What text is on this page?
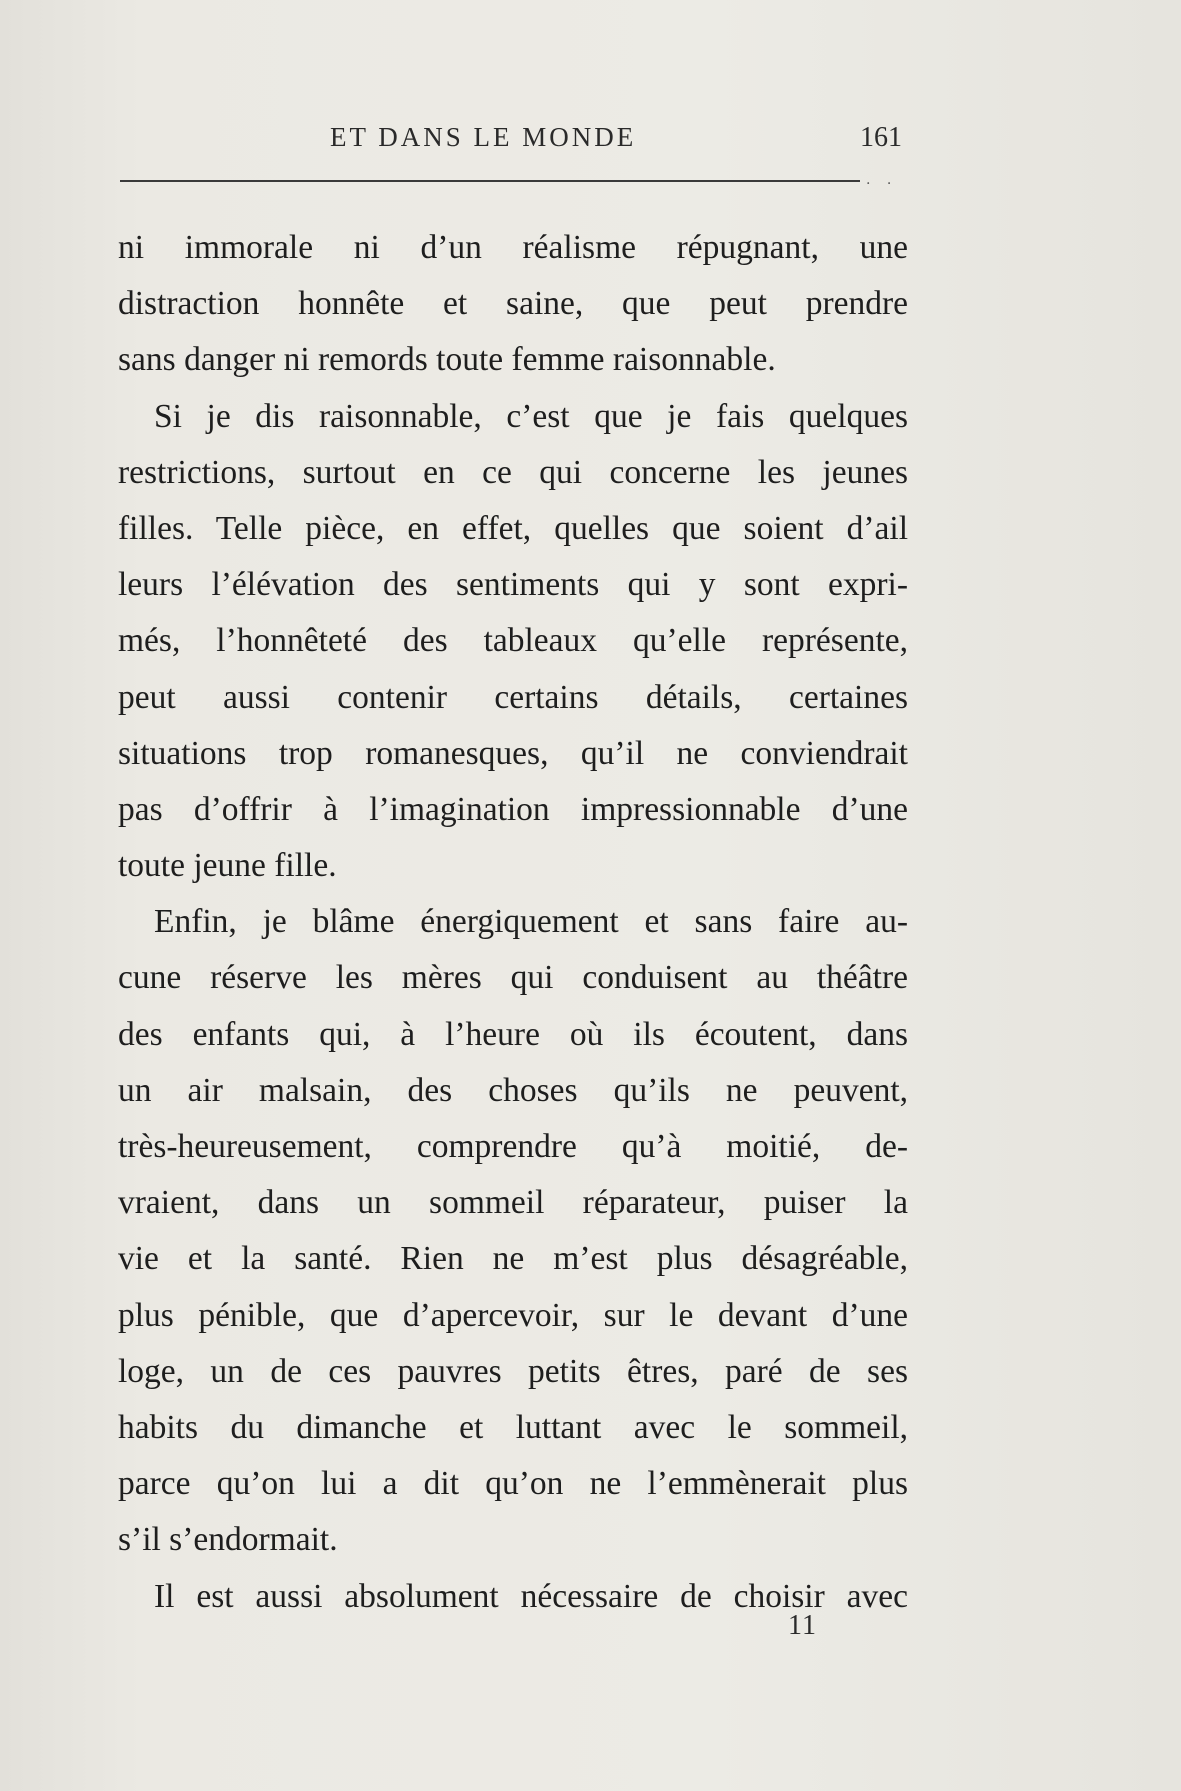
ET DANS LE MONDE	161
. .
ni immorale ni d’un réalisme répugnant, une
distraction honnête et saine, que peut prendre
sans danger ni remords toute femme raisonnable.
Si je dis raisonnable, c’est que je fais quelques
restrictions, surtout en ce qui concerne les jeunes
filles. Telle pièce, en effet, quelles que soient d’ail
leurs l’élévation des sentiments qui y sont expri-
més, l’honnêteté des tableaux qu’elle représente,
peut aussi contenir certains détails, certaines
situations trop romanesques, qu’il ne conviendrait
pas d’offrir à l’imagination impressionnable d’une
toute jeune fille.
Enfin, je blâme énergiquement et sans faire au-
cune réserve les mères qui conduisent au théâtre
des enfants qui, à l’heure où ils écoutent, dans
un air malsain, des choses qu’ils ne peuvent,
très-heureusement, comprendre qu’à moitié, de-
vraient, dans un sommeil réparateur, puiser la
vie et la santé. Rien ne m’est plus désagréable,
plus pénible, que d’apercevoir, sur le devant d’une
loge, un de ces pauvres petits êtres, paré de ses
habits du dimanche et luttant avec le sommeil,
parce qu’on lui a dit qu’on ne l’emmènerait plus
s’il s’endormait.
Il est aussi absolument nécessaire de choisir avec
11
